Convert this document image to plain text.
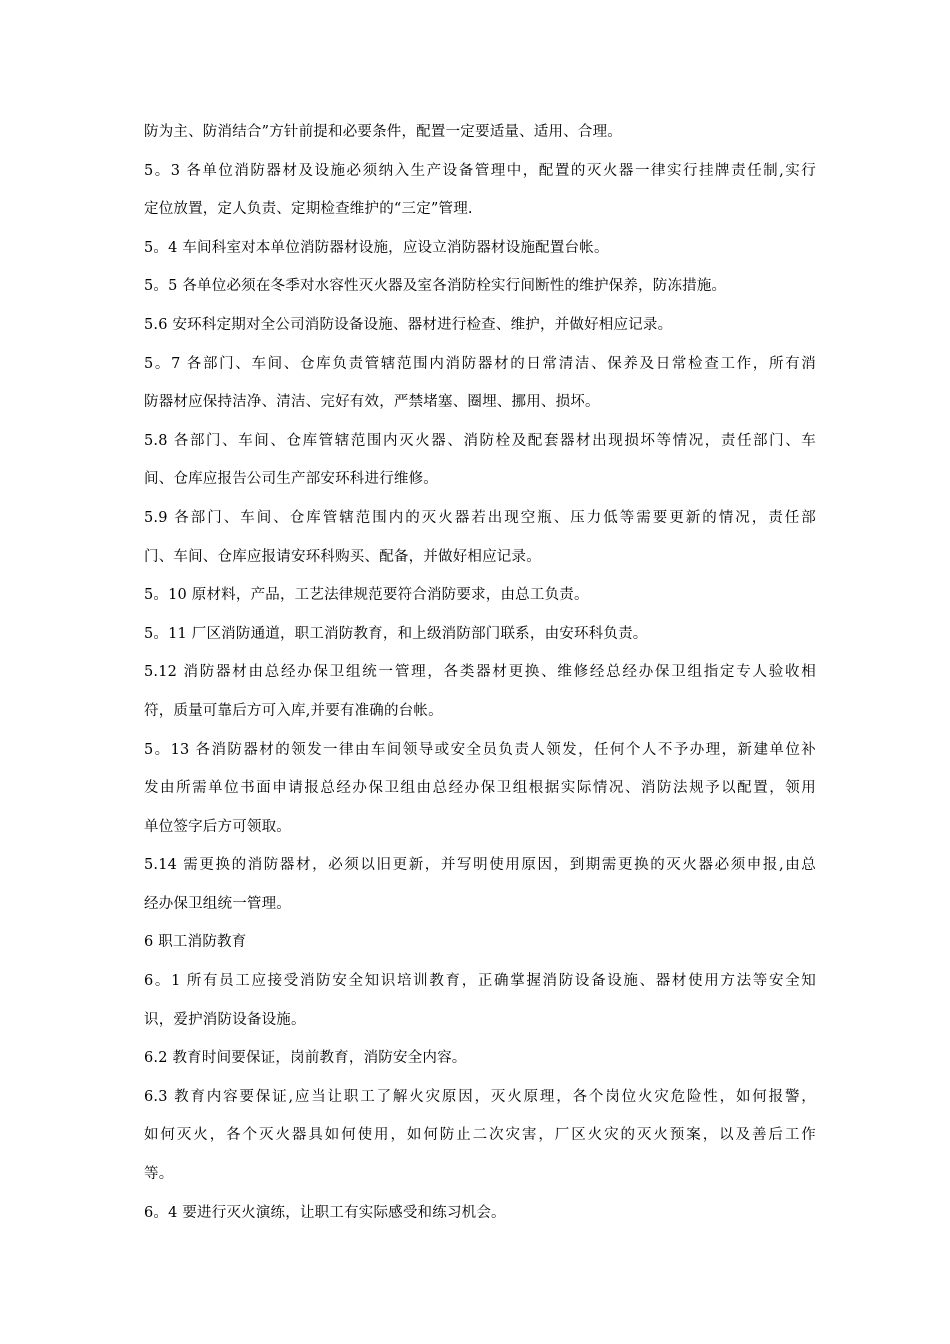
防为主、防消结合”方针前提和必要条件，配置一定要适量、适用、合理。
5。3 各单位消防器材及设施必须纳入生产设备管理中，配置的灭火器一律实行挂牌责任制,实行
定位放置，定人负责、定期检查维护的“三定”管理.
5。4 车间科室对本单位消防器材设施，应设立消防器材设施配置台帐。
5。5 各单位必须在冬季对水容性灭火器及室各消防栓实行间断性的维护保养，防冻措施。
5.6 安环科定期对全公司消防设备设施、器材进行检查、维护，并做好相应记录。
5。7 各部门、车间、仓库负责管辖范围内消防器材的日常清洁、保养及日常检查工作，所有消
防器材应保持洁净、清洁、完好有效，严禁堵塞、圈埋、挪用、损坏。
5.8 各部门、车间、仓库管辖范围内灭火器、消防栓及配套器材出现损坏等情况，责任部门、车
间、仓库应报告公司生产部安环科进行维修。
5.9 各部门、车间、仓库管辖范围内的灭火器若出现空瓶、压力低等需要更新的情况，责任部
门、车间、仓库应报请安环科购买、配备，并做好相应记录。
5。10 原材料，产品，工艺法律规范要符合消防要求，由总工负责。
5。11 厂区消防通道，职工消防教育，和上级消防部门联系，由安环科负责。
5.12 消防器材由总经办保卫组统一管理，各类器材更换、维修经总经办保卫组指定专人验收相
符，质量可靠后方可入库,并要有准确的台帐。
5。13 各消防器材的领发一律由车间领导或安全员负责人领发，任何个人不予办理，新建单位补
发由所需单位书面申请报总经办保卫组由总经办保卫组根据实际情况、消防法规予以配置，领用
单位签字后方可领取。
5.14 需更换的消防器材，必须以旧更新，并写明使用原因，到期需更换的灭火器必须申报,由总
经办保卫组统一管理。
6 职工消防教育
6。1 所有员工应接受消防安全知识培训教育，正确掌握消防设备设施、器材使用方法等安全知
识，爱护消防设备设施。
6.2 教育时间要保证，岗前教育，消防安全内容。
6.3 教育内容要保证,应当让职工了解火灾原因，灭火原理，各个岗位火灾危险性，如何报警，
如何灭火，各个灭火器具如何使用，如何防止二次灾害，厂区火灾的灭火预案，以及善后工作
等。
6。4 要进行灭火演练，让职工有实际感受和练习机会。
